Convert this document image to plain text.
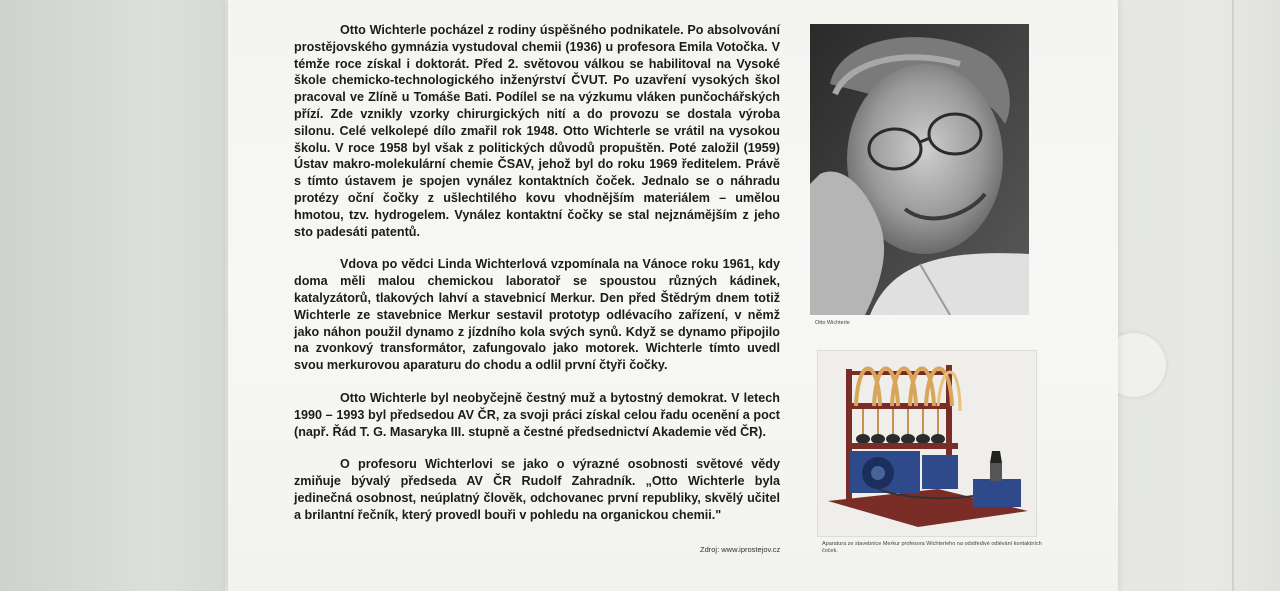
Otto Wichterle pocházel z rodiny úspěšného podnikatele. Po absolvování prostějovského gymnázia vystudoval chemii (1936) u profesora Emila Votočka. V témže roce získal i doktorát. Před 2. světovou válkou se habilitoval na Vysoké škole chemicko-technologického inženýrství ČVUT. Po uzavření vysokých škol pracoval ve Zlíně u Tomáše Bati. Podílel se na výzkumu vláken punčochářských přízí. Zde vznikly vzorky chirurgických nití a do provozu se dostala výroba silonu. Celé velkolepé dílo zmařil rok 1948. Otto Wichterle se vrátil na vysokou školu. V roce 1958 byl však z politických důvodů propuštěn. Poté založil (1959) Ústav makro-molekulární chemie ČSAV, jehož byl do roku 1969 ředitelem. Právě s tímto ústavem je spojen vynález kontaktních čoček. Jednalo se o náhradu protézy oční čočky z ušlechtilého kovu vhodnějším materiálem – umělou hmotou, tzv. hydrogelem. Vynález kontaktní čočky se stal nejznámějším z jeho sto padesáti patentů.

Vdova po vědci Linda Wichterlová vzpomínala na Vánoce roku 1961, kdy doma měli malou chemickou laboratoř se spoustou různých kádinek, katalyzátorů, tlakových lahví a stavebnicí Merkur. Den před Štědrým dnem totiž Wichterle ze stavebnice Merkur sestavil prototyp odlévacího zařízení, v němž jako náhon použil dynamo z jízdního kola svých synů. Když se dynamo připojilo na zvonkový transformátor, zafungovalo jako motorek. Wichterle tímto uvedl svou merkurovou aparaturu do chodu a odlil první čtyři čočky.

Otto Wichterle byl neobyčejně čestný muž a bytostný demokrat. V letech 1990 – 1993 byl předsedou AV ČR, za svoji práci získal celou řadu ocenění a poct (např. Řád T. G. Masaryka III. stupně a čestné předsednictví Akademie věd ČR).

O profesoru Wichterlovi se jako o výrazné osobnosti světové vědy zmiňuje bývalý předseda AV ČR Rudolf Zahradník. „Otto Wichterle byla jedinečná osobnost, neúplatný člověk, odchovanec první republiky, skvělý učitel a brilantní řečník, který provedl bouři v pohledu na organickou chemii."

Zdroj: www.iprostejov.cz
Otto Wichterle
Aparatura ze stavebnice Merkur profesora Wichterleho na odstředivé odlévání kontaktních čoček.
